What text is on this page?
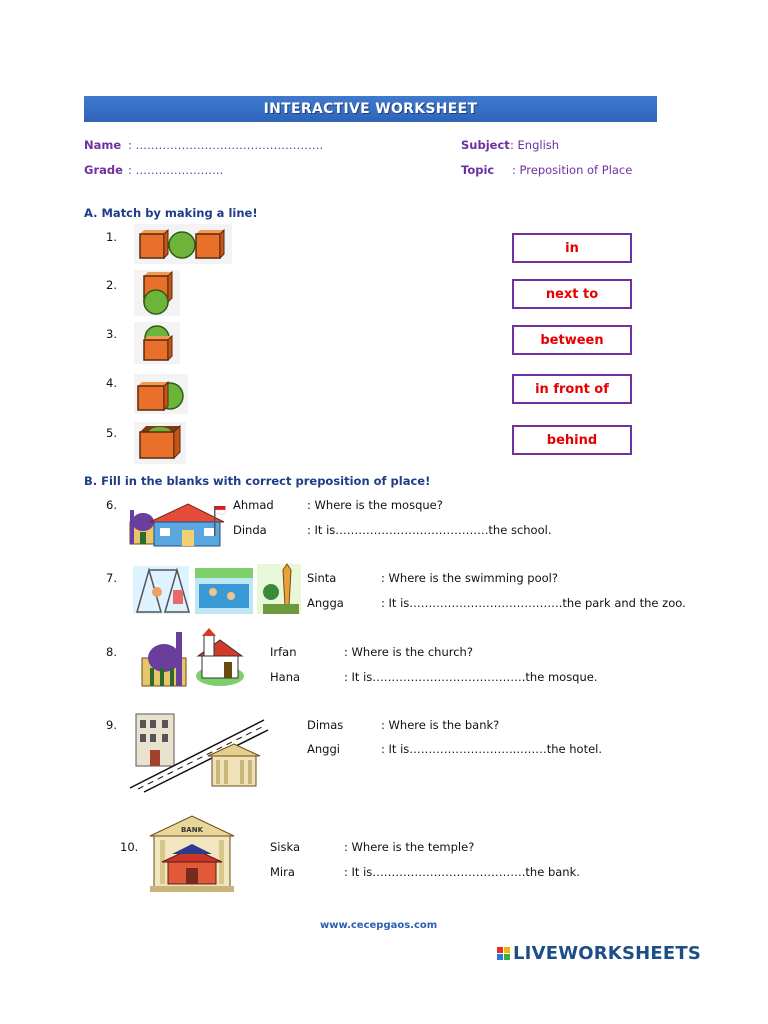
INTERACTIVE WORKSHEET
Name : ………………………………………….
Grade : …………………..
Subject : English
Topic : Preposition of Place
A. Match by making a line!
1.
2.
3.
4.
5.
in
next to
between
in front of
behind
B. Fill in the blanks with correct preposition of place!
6.	Ahmad	: Where is the mosque?
Dinda	: It is………………………………….the school.
7.	Sinta	: Where is the swimming pool?
Angga	: It is………………………………….the park and the zoo.
8.	Irfan	: Where is the church?
Hana	: It is………………………………….the mosque.
9.	Dimas	: Where is the bank?
Anggi	: It is………………………...……the hotel.
10.
BANK
Siska	: Where is the temple?
Mira	: It is………………………………….the bank.
www.cecepgaos.com
LIVEWORKSHEETS
